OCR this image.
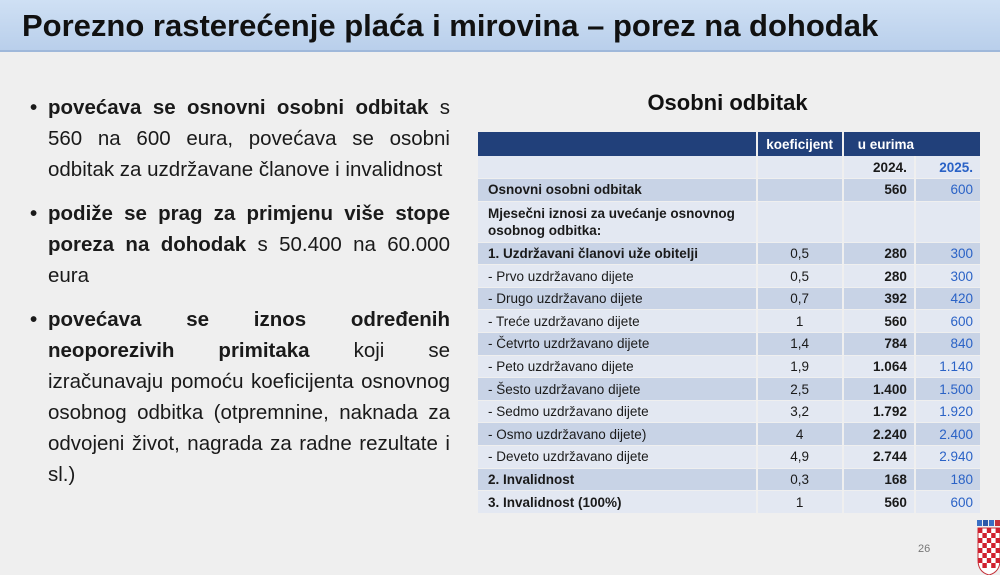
Porezno rasterećenje plaća i mirovina – porez na dohodak
• povećava se osnovni osobni odbitak s 560 na 600 eura, povećava se osobni odbitak za uzdržavane članove i invalidnost
• podiže se prag za primjenu više stope poreza na dohodak s 50.400 na 60.000 eura
• povećava se iznos određenih neoporezivih primitaka koji se izračunavaju pomoću koeficijenta osnovnog osobnog odbitka (otpremnine, naknada za odvojeni život, nagrada za radne rezultate i sl.)
Osobni odbitak
	koeficijent	u eurima	
		2024.	2025.
Osnovni osobni odbitak		560	600
Mjesečni iznosi za uvećanje osnovnog osobnog odbitka:			
1. Uzdržavani članovi uže obitelji	0,5	280	300
- Prvo uzdržavano dijete	0,5	280	300
- Drugo uzdržavano dijete	0,7	392	420
- Treće uzdržavano dijete	1	560	600
- Četvrto uzdržavano dijete	1,4	784	840
- Peto uzdržavano dijete	1,9	1.064	1.140
- Šesto uzdržavano dijete	2,5	1.400	1.500
- Sedmo uzdržavano dijete	3,2	1.792	1.920
- Osmo uzdržavano dijete)	4	2.240	2.400
- Deveto uzdržavano dijete	4,9	2.744	2.940
2. Invalidnost	0,3	168	180
3. Invalidnost (100%)	1	560	600
26
